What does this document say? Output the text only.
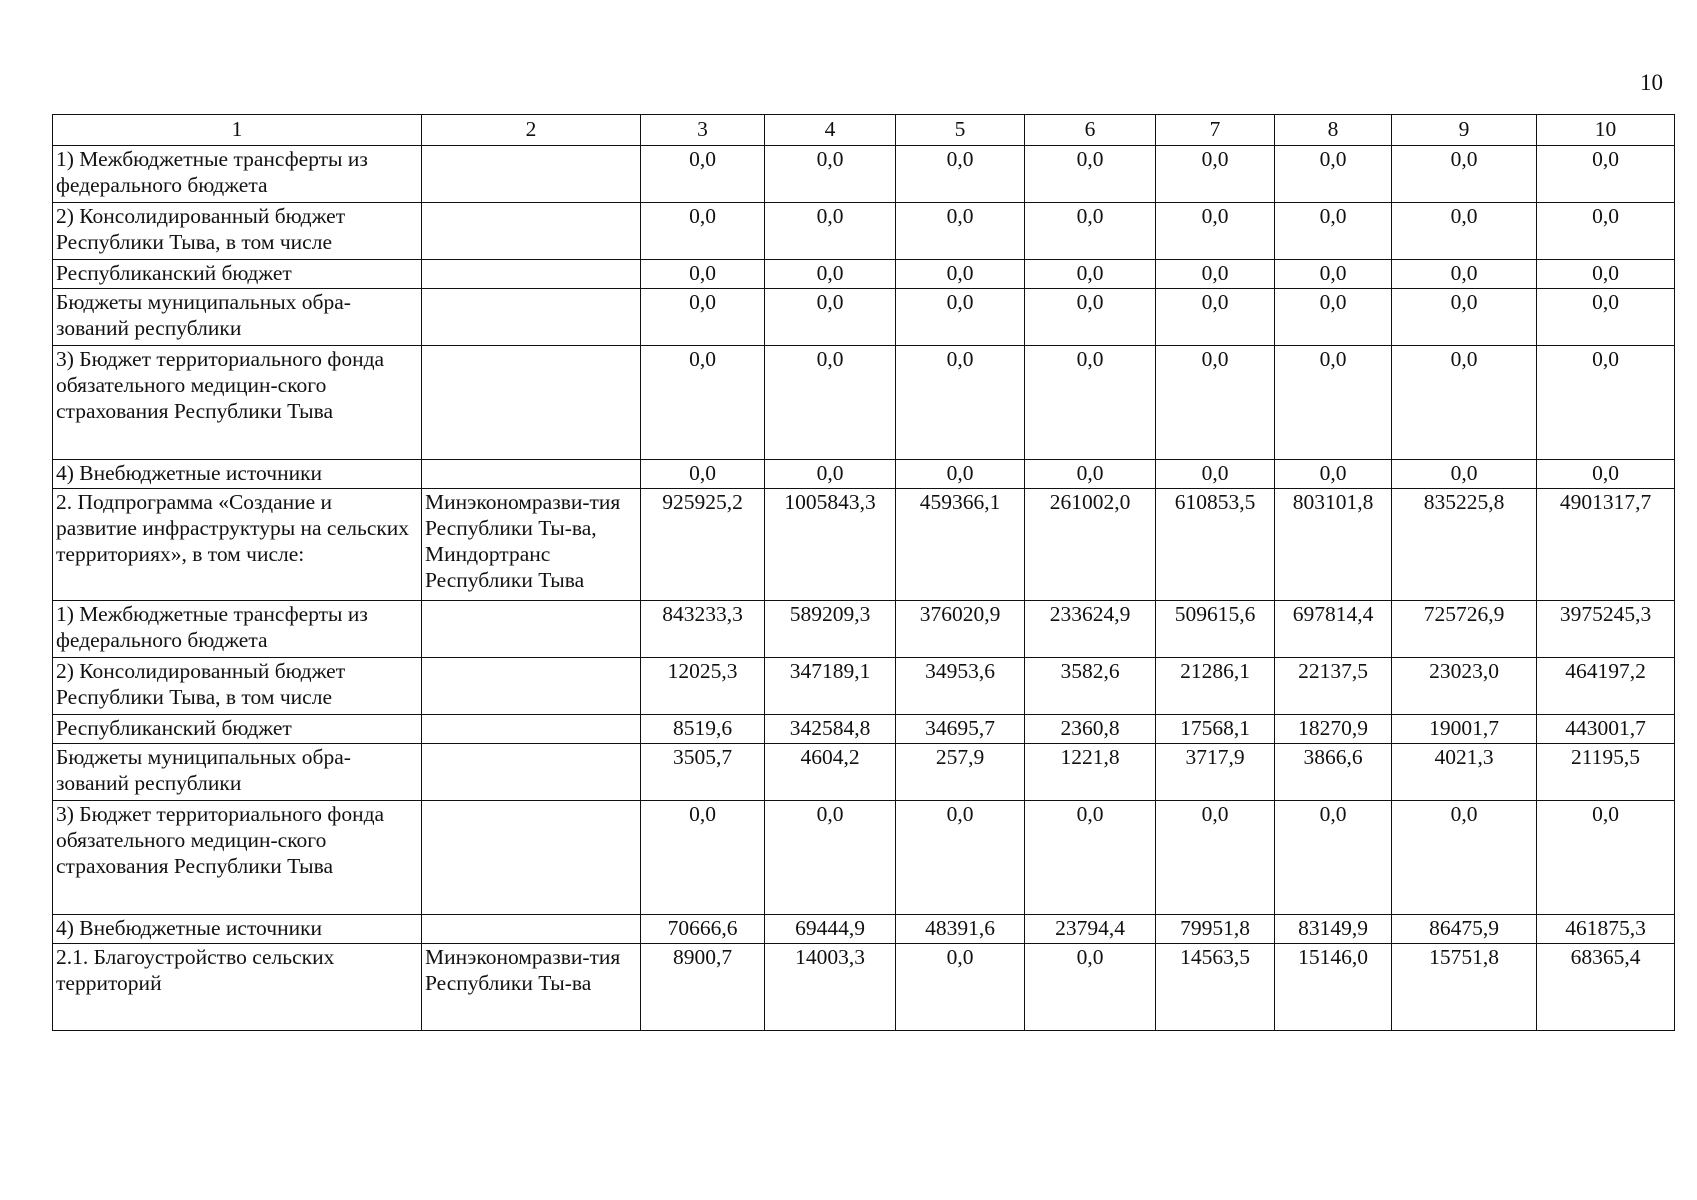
10
1	2	3	4	5	6	7	8	9	10
1) Межбюджетные трансферты из федерального бюджета		0,0	0,0	0,0	0,0	0,0	0,0	0,0	0,0
2) Консолидированный бюджет Республики Тыва, в том числе		0,0	0,0	0,0	0,0	0,0	0,0	0,0	0,0
Республиканский бюджет		0,0	0,0	0,0	0,0	0,0	0,0	0,0	0,0
Бюджеты муниципальных обра-зований республики		0,0	0,0	0,0	0,0	0,0	0,0	0,0	0,0
3) Бюджет территориального фонда обязательного медицин-ского страхования Республики Тыва		0,0	0,0	0,0	0,0	0,0	0,0	0,0	0,0
4) Внебюджетные источники		0,0	0,0	0,0	0,0	0,0	0,0	0,0	0,0
2. Подпрограмма «Создание и развитие инфраструктуры на сельских территориях», в том числе:	Минэкономразви-тия Республики Ты-ва, Миндортранс Республики Тыва	925925,2	1005843,3	459366,1	261002,0	610853,5	803101,8	835225,8	4901317,7
1) Межбюджетные трансферты из федерального бюджета		843233,3	589209,3	376020,9	233624,9	509615,6	697814,4	725726,9	3975245,3
2) Консолидированный бюджет Республики Тыва, в том числе		12025,3	347189,1	34953,6	3582,6	21286,1	22137,5	23023,0	464197,2
Республиканский бюджет		8519,6	342584,8	34695,7	2360,8	17568,1	18270,9	19001,7	443001,7
Бюджеты муниципальных обра-зований республики		3505,7	4604,2	257,9	1221,8	3717,9	3866,6	4021,3	21195,5
3) Бюджет территориального фонда обязательного медицин-ского страхования Республики Тыва		0,0	0,0	0,0	0,0	0,0	0,0	0,0	0,0
4) Внебюджетные источники		70666,6	69444,9	48391,6	23794,4	79951,8	83149,9	86475,9	461875,3
2.1. Благоустройство сельских территорий	Минэкономразви-тия Республики Ты-ва	8900,7	14003,3	0,0	0,0	14563,5	15146,0	15751,8	68365,4
